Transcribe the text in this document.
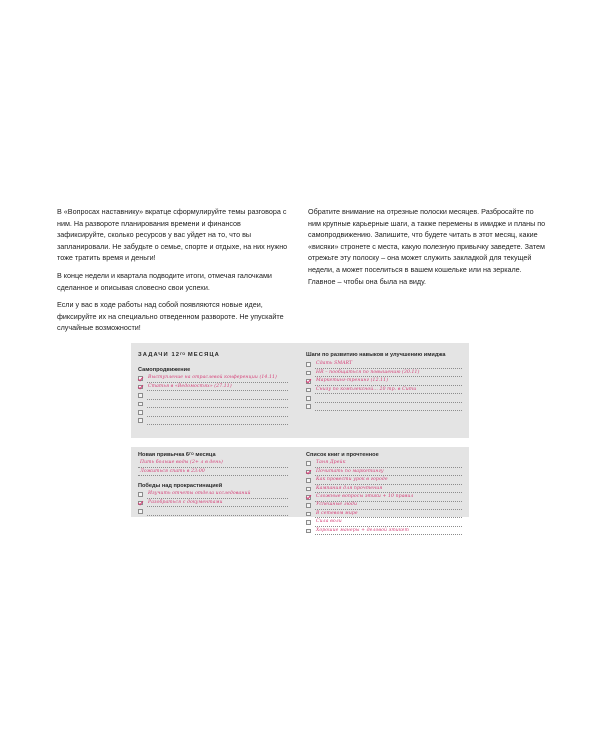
В «Вопросах наставнику» вкратце сформулируйте темы разговора с ним. На развороте планирования времени и финансов зафиксируйте, сколько ресурсов у вас уйдет на то, что вы запланировали. Не забудьте о семье, спорте и отдыхе, на них нужно тоже тратить время и деньги!

В конце недели и квартала подводите итоги, отмечая галочками сделанное и описывая словесно свои успехи.

Если у вас в ходе работы над собой появляются новые идеи, фиксируйте их на специально отведенном развороте. Не упускайте случайные возможности!

Обратите внимание на отрезные полоски месяцев. Разбросайте по ним крупные карьерные шаги, а также перемены в имидже и планы по самопродвижению. Запишите, что будете читать в этот месяц, какие «висяки» стронете с места, какую полезную привычку заведете. Затем отрежьте эту полоску – она может служить закладкой для текущей недели, а может поселиться в вашем кошельке или на зеркале. Главное – чтобы она была на виду.

ЗАДАЧИ $12^{ГО}$ МЕСЯЦА
Самопродвижение
Выступление на отраслевой конференции (14.11)
Статья в «Ведомостях» (27.11)
Шаги по развитию навыков и улучшению имиджа
Сдать SMART
HR – пообщаться по повышению (30.11)
Маркетинг-тренинг (12.11)
Снизу по комплексной... 20 тр. в Сити
Новая привычка $6^{ГО}$ месяца
Пить больше воды (2+ л в день)
Ложиться спать в 23:00
Победы над прокрастинацией
Изучить отчеты отдела исследований
Разобраться с документами
Список книг и прочтенное
Таня Дрейк
Почитать по маркетингу
Как провести урок в городе
Кампания для прочтения
Сложные вопросы этики + 10 правил
Успешные люди
В сетевом мире
Сила воли
Хорошие манеры + деловой этикет
